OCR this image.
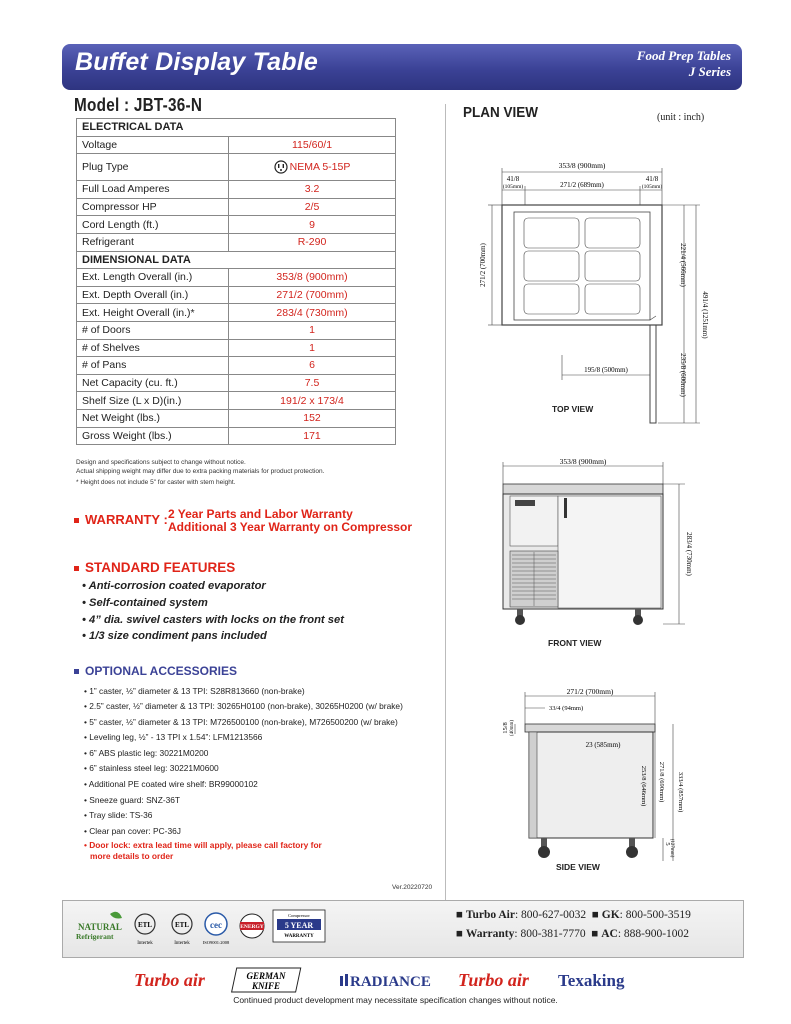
Buffet Display Table	Food Prep Tables
J Series
Model : JBT-36-N
ELECTRICAL DATA	
Voltage	115/60/1
Plug Type	NEMA 5-15P
Full Load Amperes	3.2
Compressor HP	2/5
Cord Length (ft.)	9
Refrigerant	R-290
DIMENSIONAL DATA	
Ext. Length Overall (in.)	353/8 (900mm)
Ext. Depth Overall (in.)	271/2 (700mm)
Ext. Height Overall (in.)*	283/4 (730mm)
# of Doors	1
# of Shelves	1
# of Pans	6
Net Capacity (cu. ft.)	7.5
Shelf Size (L x D)(in.)	191/2 x 173/4
Net Weight (lbs.)	152
Gross Weight (lbs.)	171
Design and specifications subject to change without notice.
Actual shipping weight may differ due to extra packing materials for product protection.
* Height does not include 5" for caster with stem height.
WARRANTY : 2 Year Parts and Labor Warranty
Additional 3 Year Warranty on Compressor
STANDARD FEATURES
• Anti-corrosion coated evaporator
• Self-contained system
• 4” dia. swivel casters with locks on the front set
• 1/3 size condiment pans included
OPTIONAL ACCESSORIES
• 1” caster, ½” diameter & 13 TPI: S28R813660 (non-brake)
• 2.5” caster, ½” diameter & 13 TPI: 30265H0100 (non-brake), 30265H0200 (w/ brake)
• 5” caster, ½” diameter & 13 TPI: M726500100 (non-brake), M726500200 (w/ brake)
• Leveling leg, ½” - 13 TPI x 1.54”: LFM1213566
• 6” ABS plastic leg: 30221M0200
• 6” stainless steel leg: 30221M0600
• Additional PE coated wire shelf: BR99000102
• Sneeze guard: SNZ-36T
• Tray slide: TS-36
• Clear pan cover: PC-36J
• Door lock: extra lead time will apply, please call factory for
more details to order
Ver.20220720
PLAN VIEW	(unit : inch)
353/8 (900mm)
41/8
(105mm)	271/2 (689mm)
41/8
(105mm)
271/2 (700mm)	221/4 (566mm)
491/4 (1251mm)
235/8 (600mm)
195/8 (500mm)
TOP VIEW
353/8 (900mm)
283/4 (730mm)
FRONT VIEW
271/2 (700mm)
33/4 (94mm)
15/8 (40mm)
23 (585mm)
253/8 (646mm) 271/8 (690mm) 333/4 (857mm)
5
(127mm)
SIDE VIEW
NATURAL
Refrigerant
ETL
Intertek
ETL
Intertek
cec
ISO9001:2008
ENERGY
Compressor
5 YEAR
WARRANTY
■ Turbo Air: 800-627-0032  ■ GK: 800-500-3519
■ Warranty: 800-381-7770  ■ AC: 888-900-1002
Turbo air	GERMAN
KNIFE	RADIANCE Turbo air Texaking
Continued product development may necessitate specification changes without notice.
